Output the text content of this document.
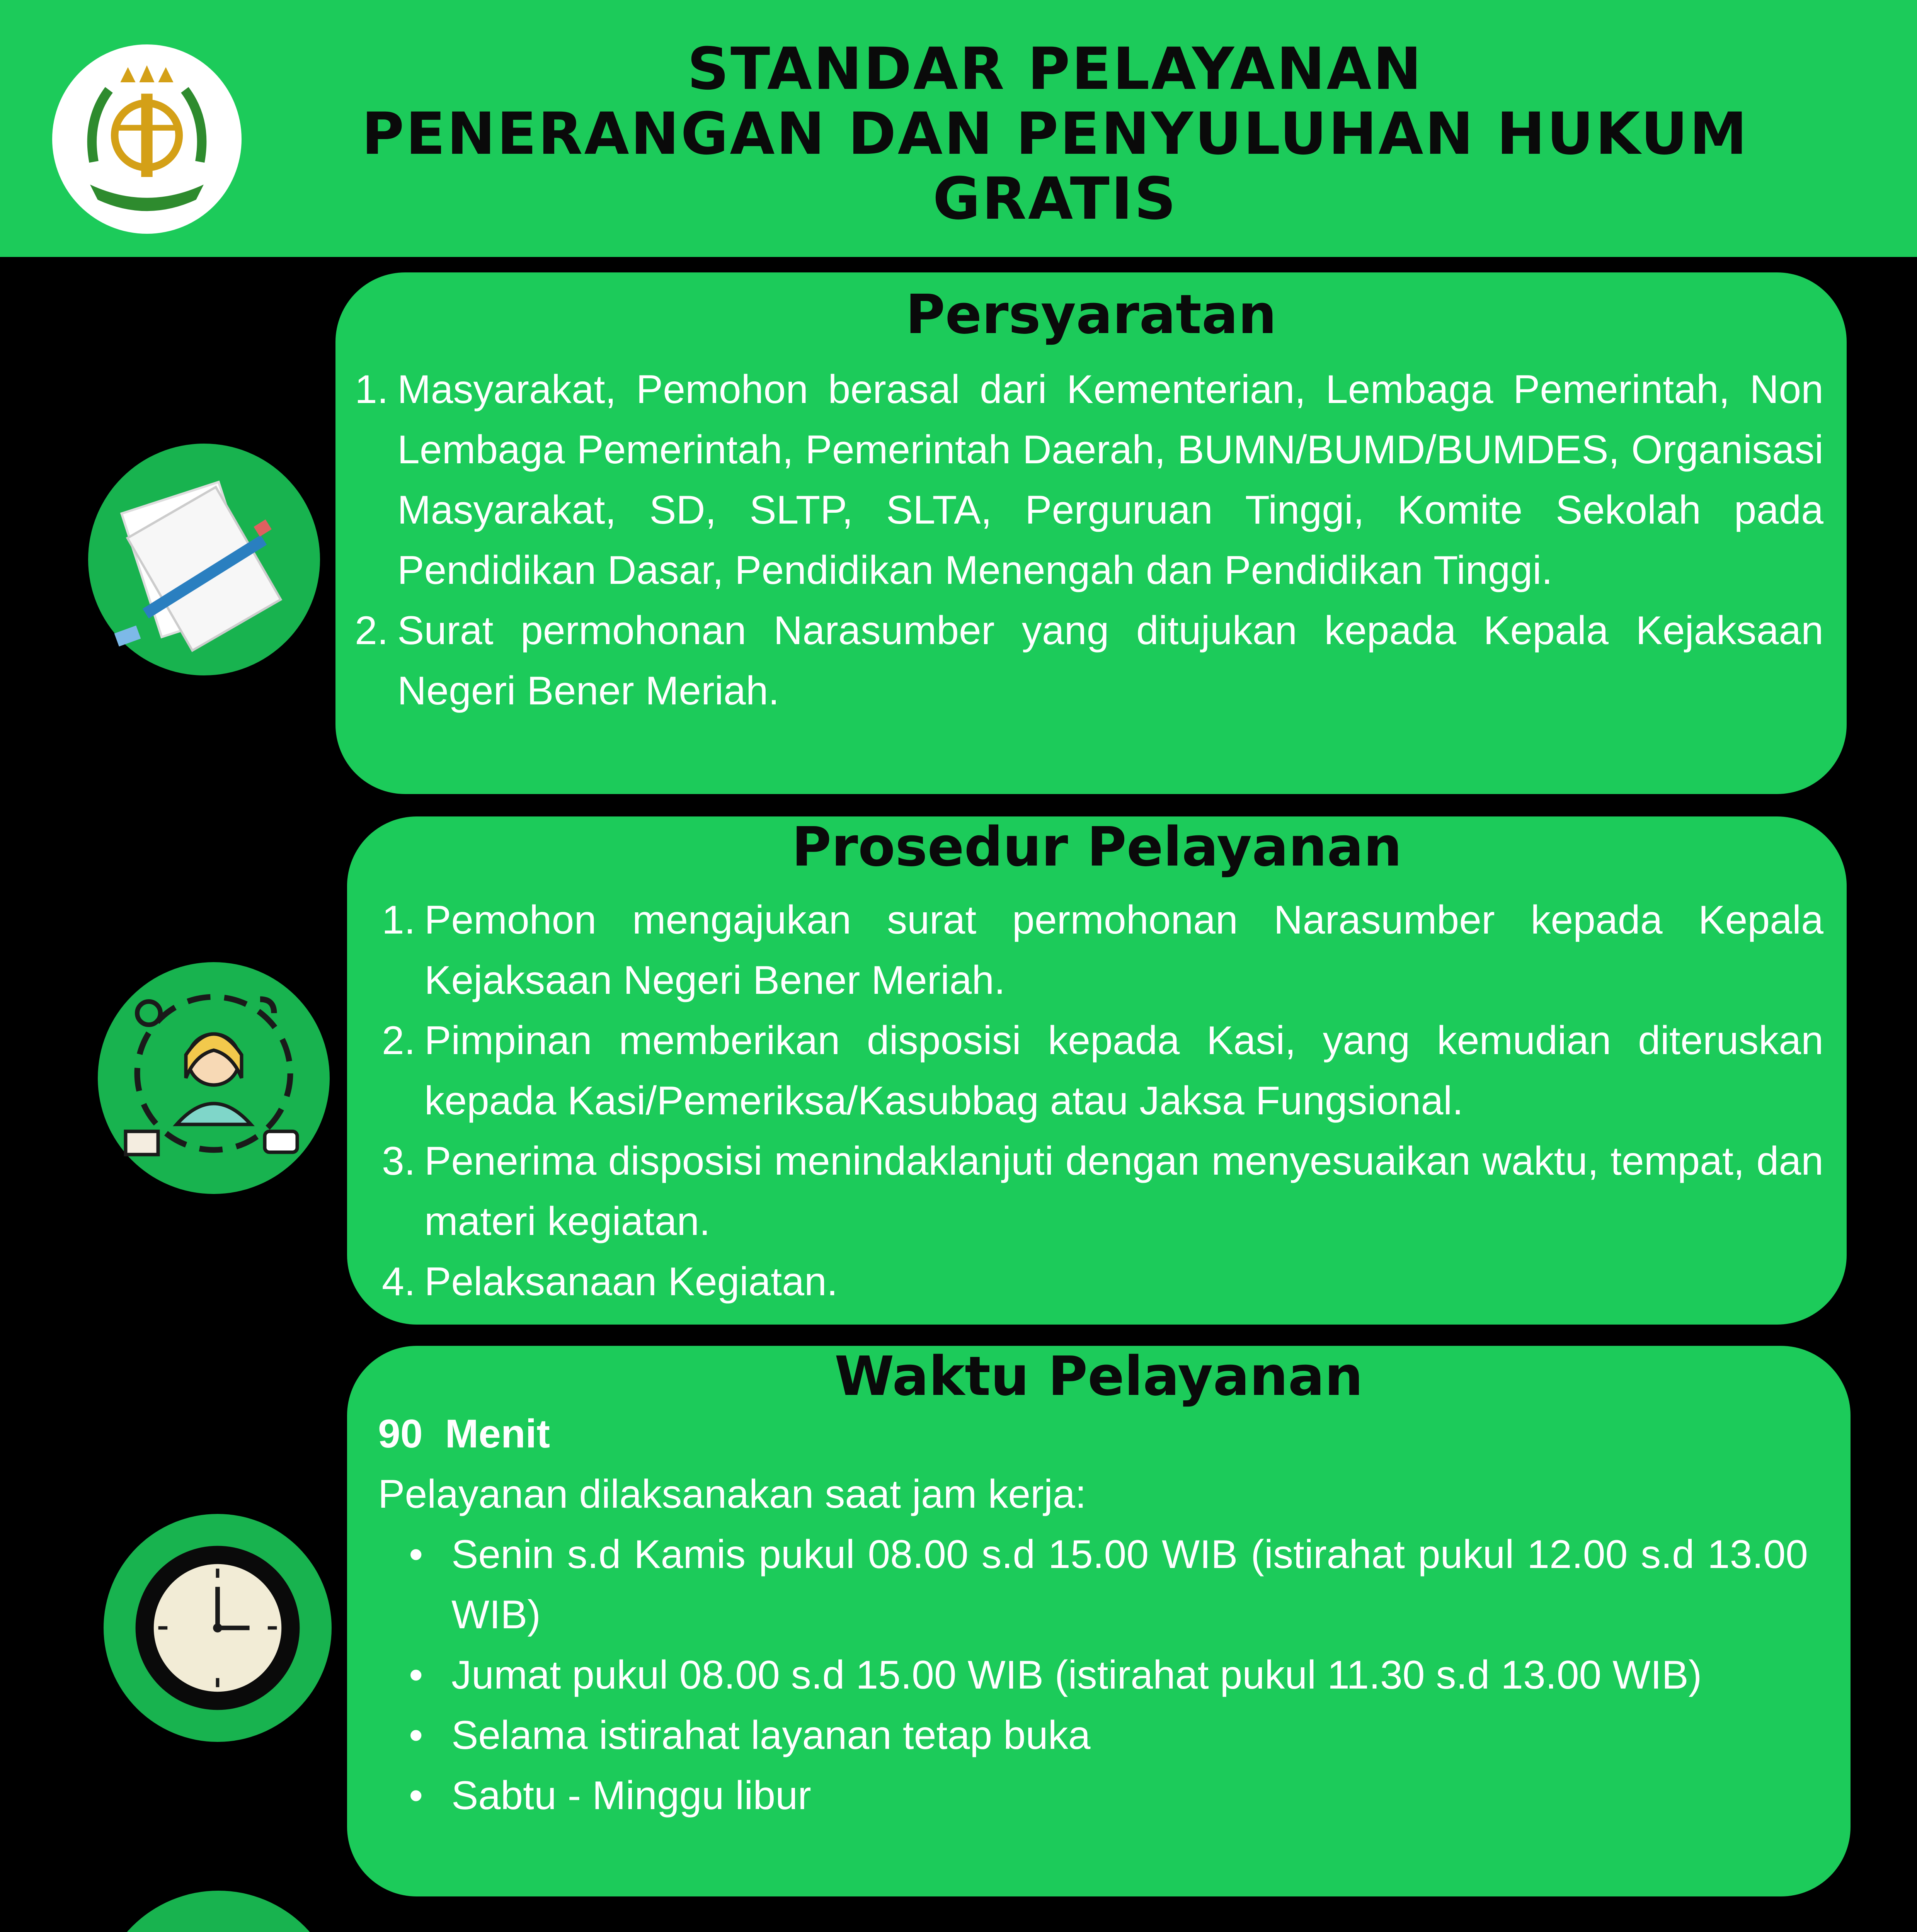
STANDAR PELAYANAN
PENERANGAN DAN PENYULUHAN HUKUM
GRATIS
Persyaratan
1. Masyarakat, Pemohon berasal dari Kementerian, Lembaga Pemerintah, Non Lembaga Pemerintah, Pemerintah Daerah, BUMN/BUMD/BUMDES, Organisasi Masyarakat, SD, SLTP, SLTA, Perguruan Tinggi, Komite Sekolah pada Pendidikan Dasar, Pendidikan Menengah dan Pendidikan Tinggi.
2. Surat permohonan Narasumber yang ditujukan kepada Kepala Kejaksaan Negeri Bener Meriah.
Prosedur Pelayanan
1. Pemohon mengajukan surat permohonan Narasumber kepada Kepala Kejaksaan Negeri Bener Meriah.
2. Pimpinan memberikan disposisi kepada Kasi, yang kemudian diteruskan kepada Kasi/Pemeriksa/Kasubbag atau Jaksa Fungsional.
3. Penerima disposisi menindaklanjuti dengan menyesuaikan waktu, tempat, dan materi kegiatan.
4. Pelaksanaan Kegiatan.
Waktu Pelayanan
90  Menit
Pelayanan dilaksanakan saat jam kerja:
• Senin s.d Kamis pukul 08.00 s.d 15.00 WIB (istirahat pukul 12.00 s.d 13.00 WIB)
• Jumat pukul 08.00 s.d 15.00 WIB (istirahat pukul 11.30 s.d 13.00 WIB)
• Selama istirahat layanan tetap buka
• Sabtu - Minggu libur
